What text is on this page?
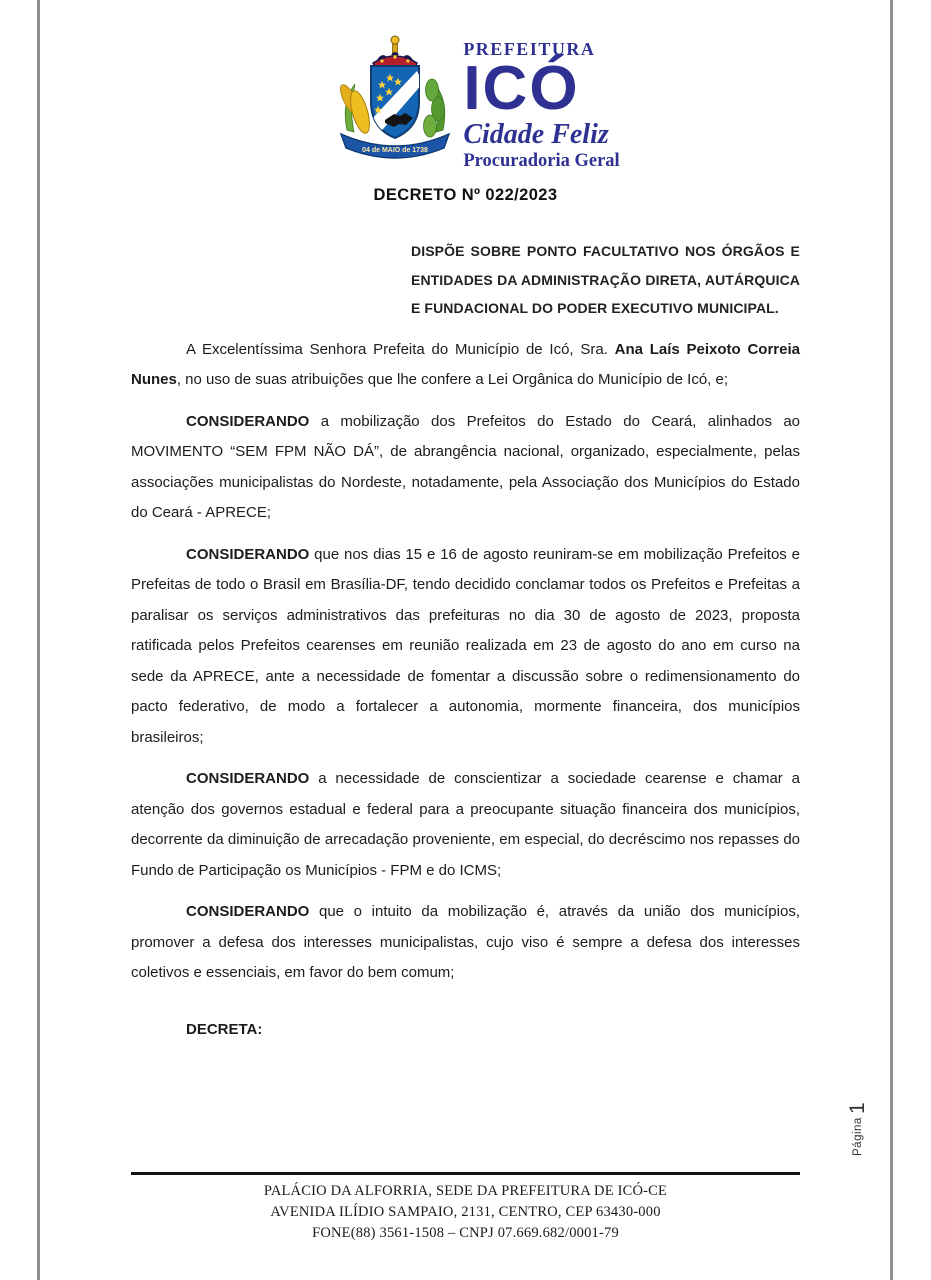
04 de MAIO de 1738
PREFEITURA
ICÓ
Cidade Feliz
Procuradoria Geral
DECRETO Nº 022/2023
DISPÕE SOBRE PONTO FACULTATIVO NOS ÓRGÃOS E ENTIDADES DA ADMINISTRAÇÃO DIRETA, AUTÁRQUICA E FUNDACIONAL DO PODER EXECUTIVO MUNICIPAL.

A Excelentíssima Senhora Prefeita do Município de Icó, Sra. Ana Laís Peixoto Correia Nunes, no uso de suas atribuições que lhe confere a Lei Orgânica do Município de Icó, e;

CONSIDERANDO a mobilização dos Prefeitos do Estado do Ceará, alinhados ao MOVIMENTO “SEM FPM NÃO DÁ”, de abrangência nacional, organizado, especialmente, pelas associações municipalistas do Nordeste, notadamente, pela Associação dos Municípios do Estado do Ceará - APRECE;

CONSIDERANDO que nos dias 15 e 16 de agosto reuniram-se em mobilização Prefeitos e Prefeitas de todo o Brasil em Brasília-DF, tendo decidido conclamar todos os Prefeitos e Prefeitas a paralisar os serviços administrativos das prefeituras no dia 30 de agosto de 2023, proposta ratificada pelos Prefeitos cearenses em reunião realizada em 23 de agosto do ano em curso na sede da APRECE, ante a necessidade de fomentar a discussão sobre o redimensionamento do pacto federativo, de modo a fortalecer a autonomia, mormente financeira, dos municípios brasileiros;

CONSIDERANDO a necessidade de conscientizar a sociedade cearense e chamar a atenção dos governos estadual e federal para a preocupante situação financeira dos municípios, decorrente da diminuição de arrecadação proveniente, em especial, do decréscimo nos repasses do Fundo de Participação os Municípios - FPM e do ICMS;

CONSIDERANDO que o intuito da mobilização é, através da união dos municípios, promover a defesa dos interesses municipalistas, cujo viso é sempre a defesa dos interesses coletivos e essenciais, em favor do bem comum;

DECRETA:

Página
1
PALÁCIO DA ALFORRIA, SEDE DA PREFEITURA DE ICÓ-CE
AVENIDA ILÍDIO SAMPAIO, 2131, CENTRO, CEP 63430-000
FONE(88) 3561-1508 – CNPJ 07.669.682/0001-79
